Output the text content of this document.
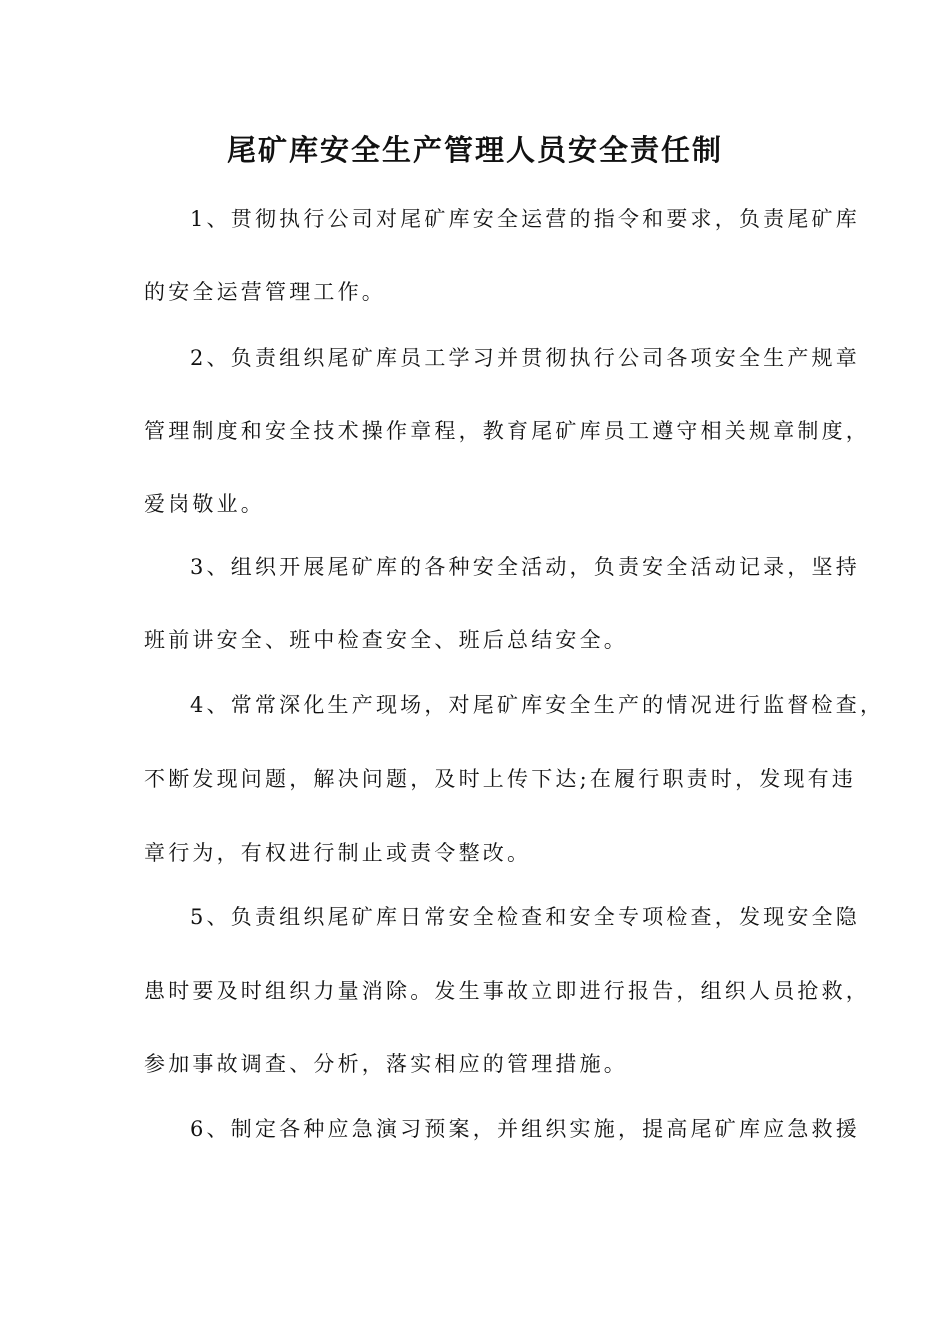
尾矿库安全生产管理人员安全责任制
1、贯彻执行公司对尾矿库安全运营的指令和要求，负责尾矿库
的安全运营管理工作。
2、负责组织尾矿库员工学习并贯彻执行公司各项安全生产规章
管理制度和安全技术操作章程，教育尾矿库员工遵守相关规章制度，
爱岗敬业。
3、组织开展尾矿库的各种安全活动，负责安全活动记录，坚持
班前讲安全、班中检查安全、班后总结安全。
4、常常深化生产现场，对尾矿库安全生产的情况进行监督检查，
不断发现问题，解决问题，及时上传下达;在履行职责时，发现有违
章行为，有权进行制止或责令整改。
5、负责组织尾矿库日常安全检查和安全专项检查，发现安全隐
患时要及时组织力量消除。发生事故立即进行报告，组织人员抢救，
参加事故调查、分析，落实相应的管理措施。
6、制定各种应急演习预案，并组织实施，提高尾矿库应急救援
